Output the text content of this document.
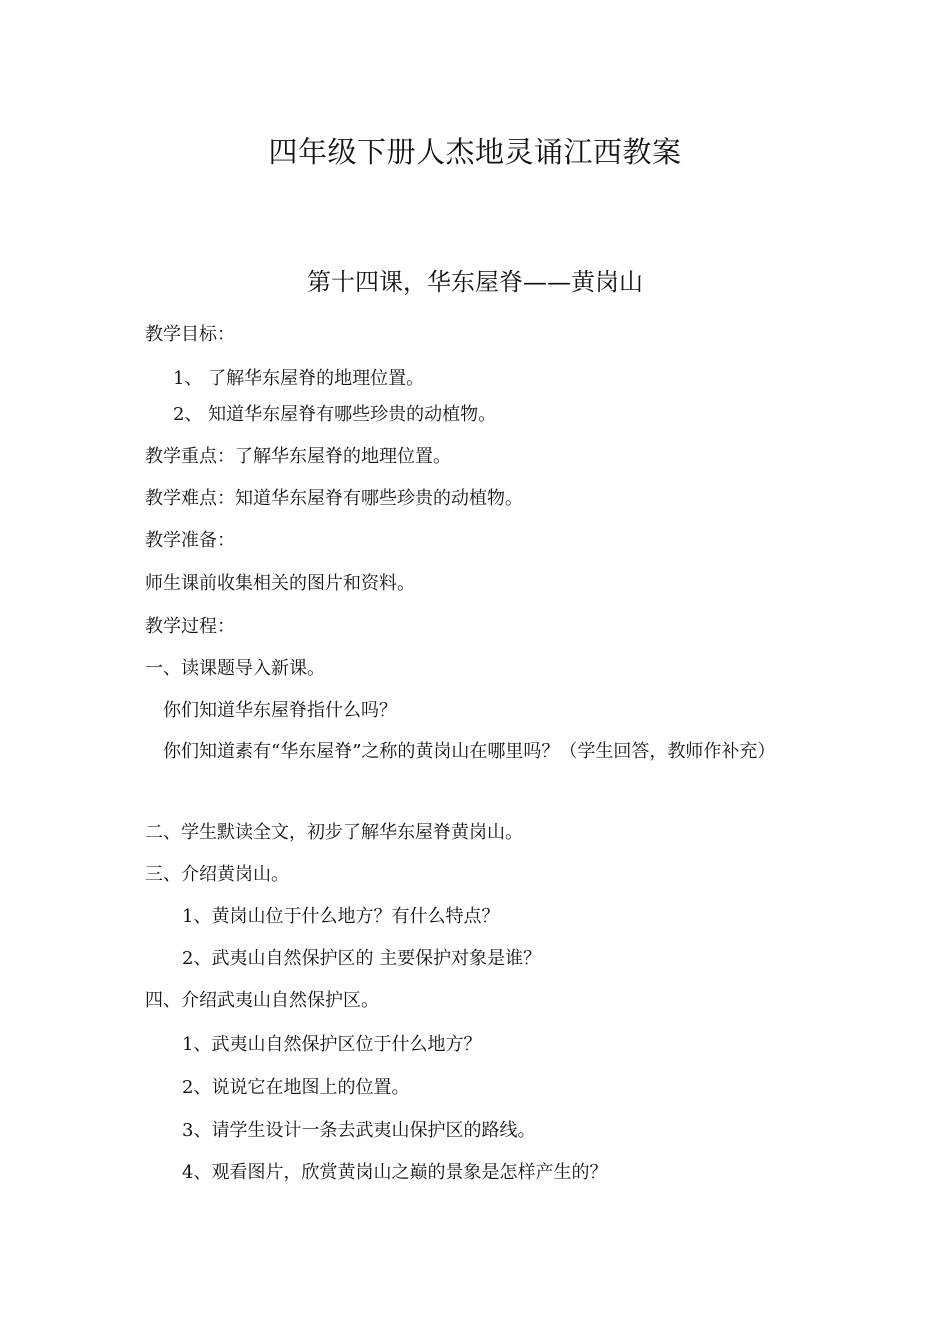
四年级下册人杰地灵诵江西教案
第十四课，华东屋脊——黄岗山

教学目标：

1、 了解华东屋脊的地理位置。

2、 知道华东屋脊有哪些珍贵的动植物。

教学重点：了解华东屋脊的地理位置。

教学难点：知道华东屋脊有哪些珍贵的动植物。

教学准备：

师生课前收集相关的图片和资料。

教学过程：

一、读课题导入新课。

你们知道华东屋脊指什么吗？

你们知道素有“华东屋脊”之称的黄岗山在哪里吗？（学生回答，教师作补充）

二、学生默读全文，初步了解华东屋脊黄岗山。

三、介绍黄岗山。

1、黄岗山位于什么地方？有什么特点？

2、武夷山自然保护区的 主要保护对象是谁？

四、介绍武夷山自然保护区。

1、武夷山自然保护区位于什么地方？

2、说说它在地图上的位置。

3、请学生设计一条去武夷山保护区的路线。

4、观看图片，欣赏黄岗山之巅的景象是怎样产生的？
